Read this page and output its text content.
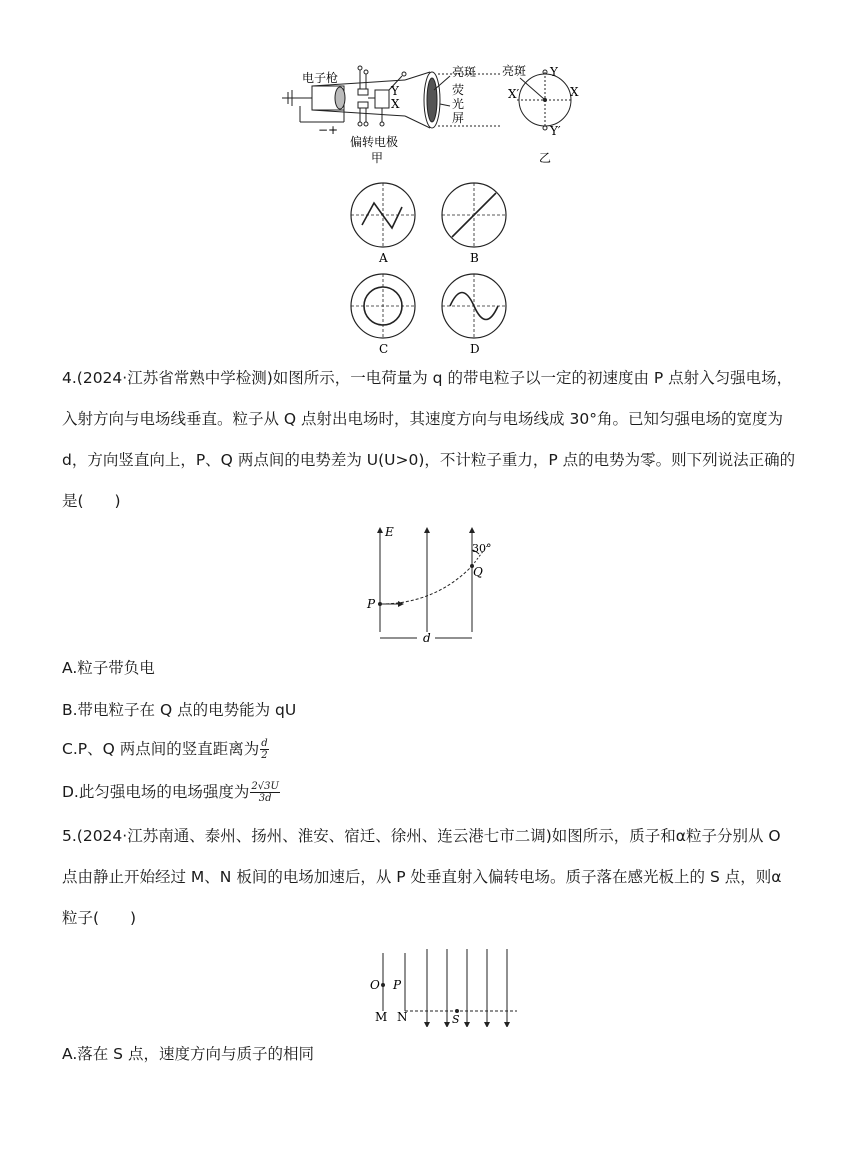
电子枪
Y
X
− +
亮斑
荧
光
屏
偏转电极
甲
亮斑 Y
Y′
X
X′
乙
A	B
C	D
4.(2024·江苏省常熟中学检测)如图所示，一电荷量为 q 的带电粒子以一定的初速度由 P 点射入匀强电场，
入射方向与电场线垂直。粒子从 Q 点射出电场时，其速度方向与电场线成 30°角。已知匀强电场的宽度为
d，方向竖直向上，P、Q 两点间的电势差为 U(U>0)，不计粒子重力，P 点的电势为零。则下列说法正确的
是(　　)
E
30°
Q
P
d
A.粒子带负电
B.带电粒子在 Q 点的电势能为 qU
C.P、Q 两点间的竖直距离为 $\frac{d}{2}$
D.此匀强电场的电场强度为 $\frac{2√3U}{3d}$
5.(2024·江苏南通、泰州、扬州、淮安、宿迁、徐州、连云港七市二调)如图所示，质子和α粒子分别从 O
点由静止开始经过 M、N 板间的电场加速后，从 P 处垂直射入偏转电场。质子落在感光板上的 S 点，则α
粒子(　　)
O P
M N	S
A.落在 S 点，速度方向与质子的相同
